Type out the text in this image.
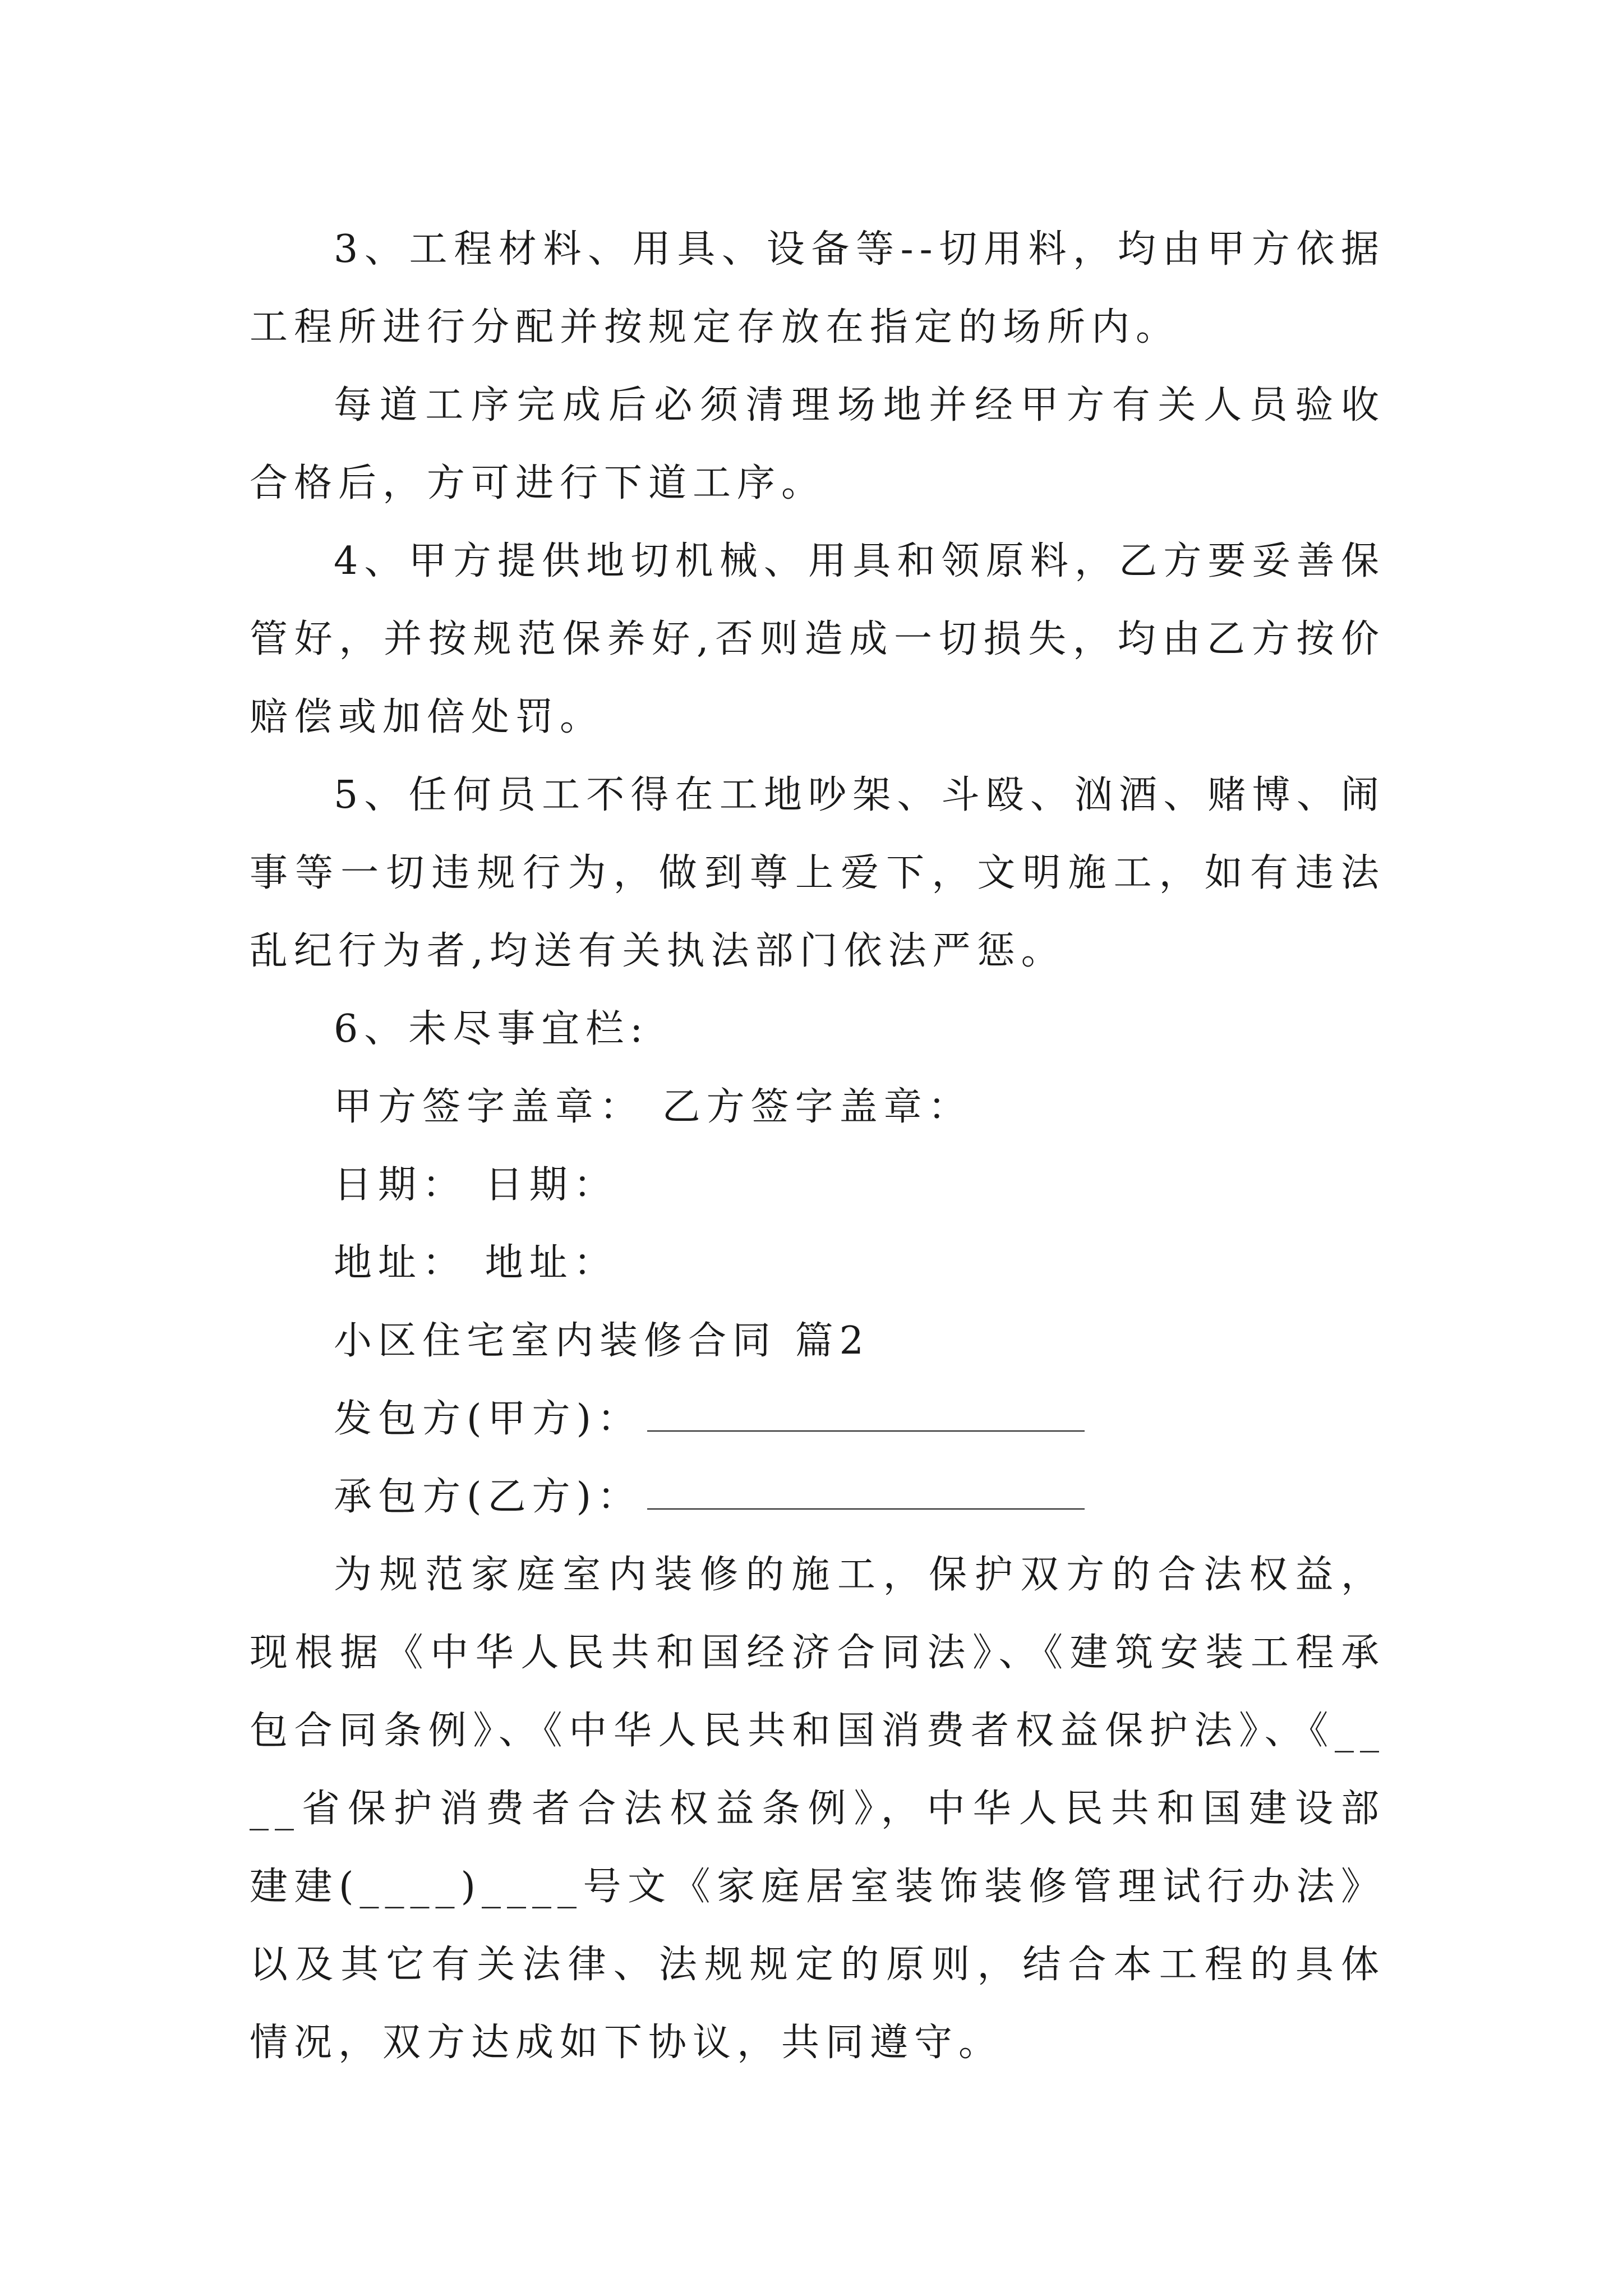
3、工程材料、用具、设备等--切用料，均由甲方依据工程所进行分配并按规定存放在指定的场所内。

每道工序完成后必须清理场地并经甲方有关人员验收合格后，方可进行下道工序。

4、甲方提供地切机械、用具和领原料，乙方要妥善保管好，并按规范保养好,否则造成一切损失，均由乙方按价赔偿或加倍处罚。

5、任何员工不得在工地吵架、斗殴、汹酒、赌博、闹事等一切违规行为，做到尊上爱下，文明施工，如有违法乱纪行为者,均送有关执法部门依法严惩。

6、未尽事宜栏:

甲方签字盖章： 乙方签字盖章：

日期： 日期：

地址： 地址：

小区住宅室内装修合同 篇2

发包方(甲方)：

承包方(乙方)：

为规范家庭室内装修的施工，保护双方的合法权益，现根据《中华人民共和国经济合同法》、《建筑安装工程承包合同条例》、《中华人民共和国消费者权益保护法》、《____省保护消费者合法权益条例》，中华人民共和国建设部建建(____)____号文《家庭居室装饰装修管理试行办法》以及其它有关法律、法规规定的原则，结合本工程的具体情况，双方达成如下协议，共同遵守。
